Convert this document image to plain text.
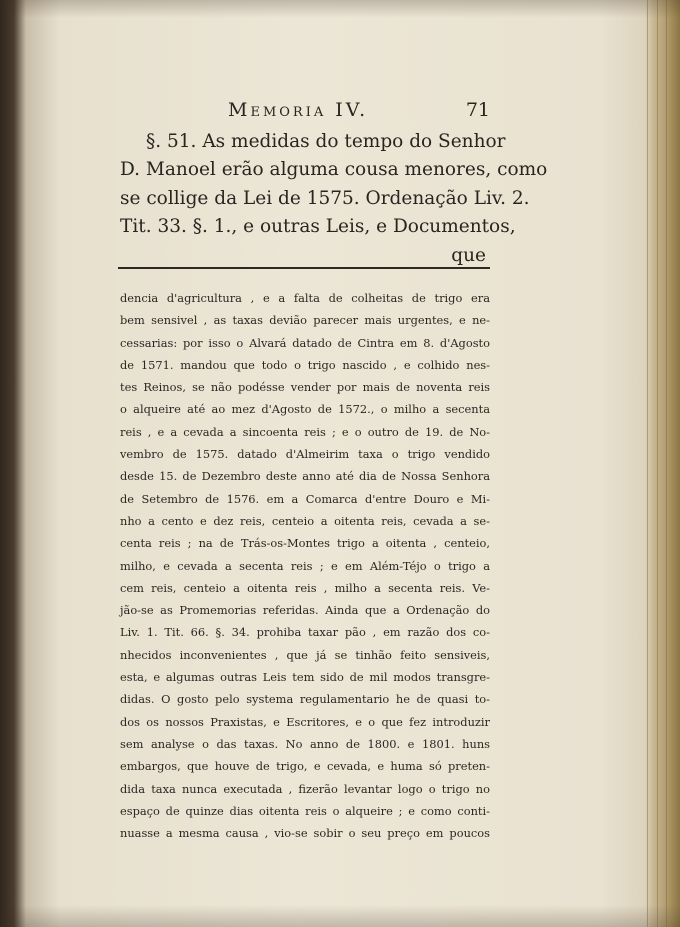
Memoria IV.	71
§. 51. As medidas do tempo do Senhor
D. Manoel erão alguma cousa menores, como
se collige da Lei de 1575. Ordenação Liv. 2.
Tit. 33. §. 1., e outras Leis, e Documentos,
que
dencia d'agricultura , e a falta de colheitas de trigo era
bem sensivel , as taxas devião parecer mais urgentes, e ne-
cessarias: por isso o Alvará datado de Cintra em 8. d'Agosto
de 1571. mandou que todo o trigo nascido , e colhido nes-
tes Reinos, se não podésse vender por mais de noventa reis
o alqueire até ao mez d'Agosto de 1572., o milho a secenta
reis , e a cevada a sincoenta reis ; e o outro de 19. de No-
vembro de 1575. datado d'Almeirim taxa o trigo vendido
desde 15. de Dezembro deste anno até dia de Nossa Senhora
de Setembro de 1576. em a Comarca d'entre Douro e Mi-
nho a cento e dez reis, centeio a oitenta reis, cevada a se-
centa reis ; na de Trás-os-Montes trigo a oitenta , centeio,
milho, e cevada a secenta reis ; e em Além-Téjo o trigo a
cem reis, centeio a oitenta reis , milho a secenta reis. Ve-
jão-se as Promemorias referidas. Ainda que a Ordenação do
Liv. 1. Tit. 66. §. 34. prohiba taxar pão , em razão dos co-
nhecidos inconvenientes , que já se tinhão feito sensiveis,
esta, e algumas outras Leis tem sido de mil modos transgre-
didas. O gosto pelo systema regulamentario he de quasi to-
dos os nossos Praxistas, e Escritores, e o que fez introduzir
sem analyse o das taxas. No anno de 1800. e 1801. huns
embargos, que houve de trigo, e cevada, e huma só preten-
dida taxa nunca executada , fizerão levantar logo o trigo no
espaço de quinze dias oitenta reis o alqueire ; e como conti-
nuasse a mesma causa , vio-se sobir o seu preço em poucos
